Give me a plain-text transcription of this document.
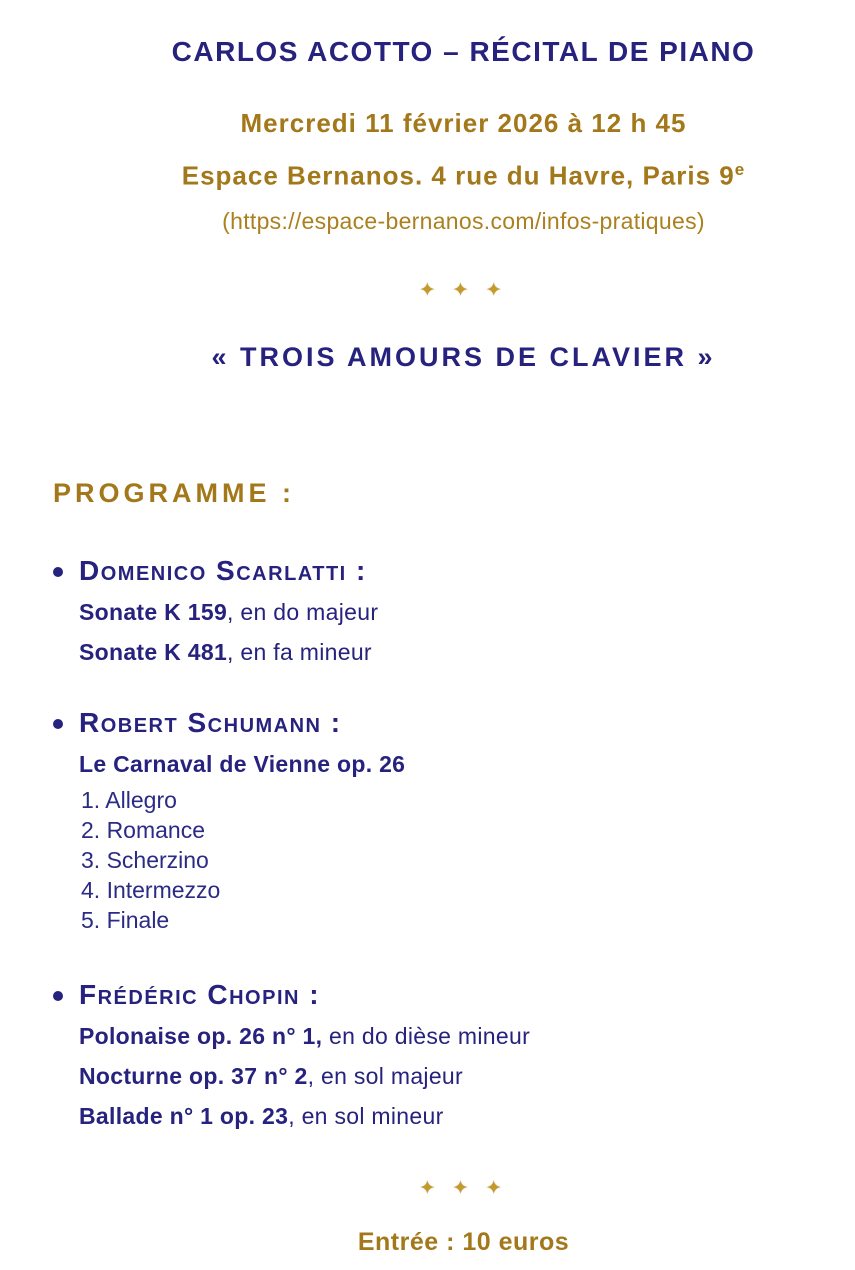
CARLOS ACOTTO – RÉCITAL DE PIANO
Mercredi 11 février 2026 à 12 h 45
Espace Bernanos. 4 rue du Havre, Paris 9e
(https://espace-bernanos.com/infos-pratiques)
✦ ✦ ✦
« TROIS AMOURS DE CLAVIER »
PROGRAMME :
Domenico Scarlatti :
Sonate K 159, en do majeur
Sonate K 481, en fa mineur
Robert Schumann :
Le Carnaval de Vienne op. 26
1. Allegro
2. Romance
3. Scherzino
4. Intermezzo
5. Finale
Frédéric Chopin :
Polonaise op. 26 n° 1, en do dièse mineur
Nocturne op. 37 n° 2, en sol majeur
Ballade n° 1 op. 23, en sol mineur
✦ ✦ ✦
Entrée : 10 euros
